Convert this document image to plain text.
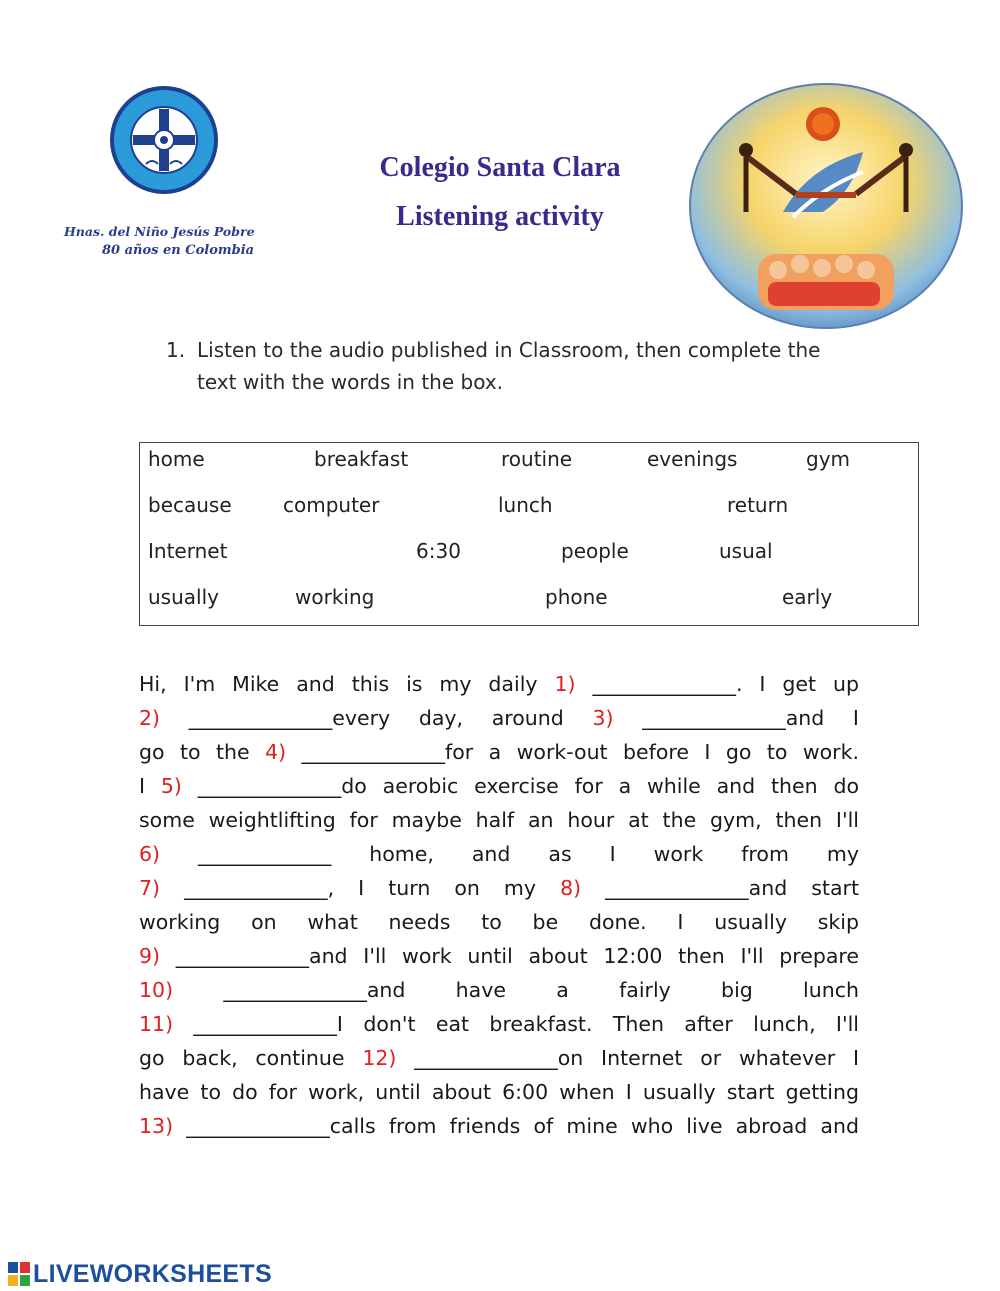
Hnas. del Niño Jesús Pobre
80 años en Colombia
Colegio Santa Clara
Listening activity
1. Listen to the audio published in Classroom, then complete the
text with the words in the box.
home	breakfast	routine	evenings	gym
because	computer	lunch	return
Internet	6:30	people	usual
usually	working	phone	early
Hi, I'm Mike and this is my daily 1) ______________. I get up
2) ______________every day, around 3) ______________and I
go to the 4) ______________for a work-out before I go to work.
I 5) ______________do aerobic exercise for a while and then do
some weightlifting for maybe half an hour at the gym, then I'll
6) _____________ home, and as I work from my
7) ______________, I turn on my 8) ______________and start
working on what needs to be done. I usually skip
9) _____________and I'll work until about 12:00 then I'll prepare
10) ______________and have a fairly big lunch
11) ______________I don't eat breakfast. Then after lunch, I'll
go back, continue 12) ______________on Internet or whatever I
have to do for work, until about 6:00 when I usually start getting
13) ______________calls from friends of mine who live abroad and
LIVEWORKSHEETS
